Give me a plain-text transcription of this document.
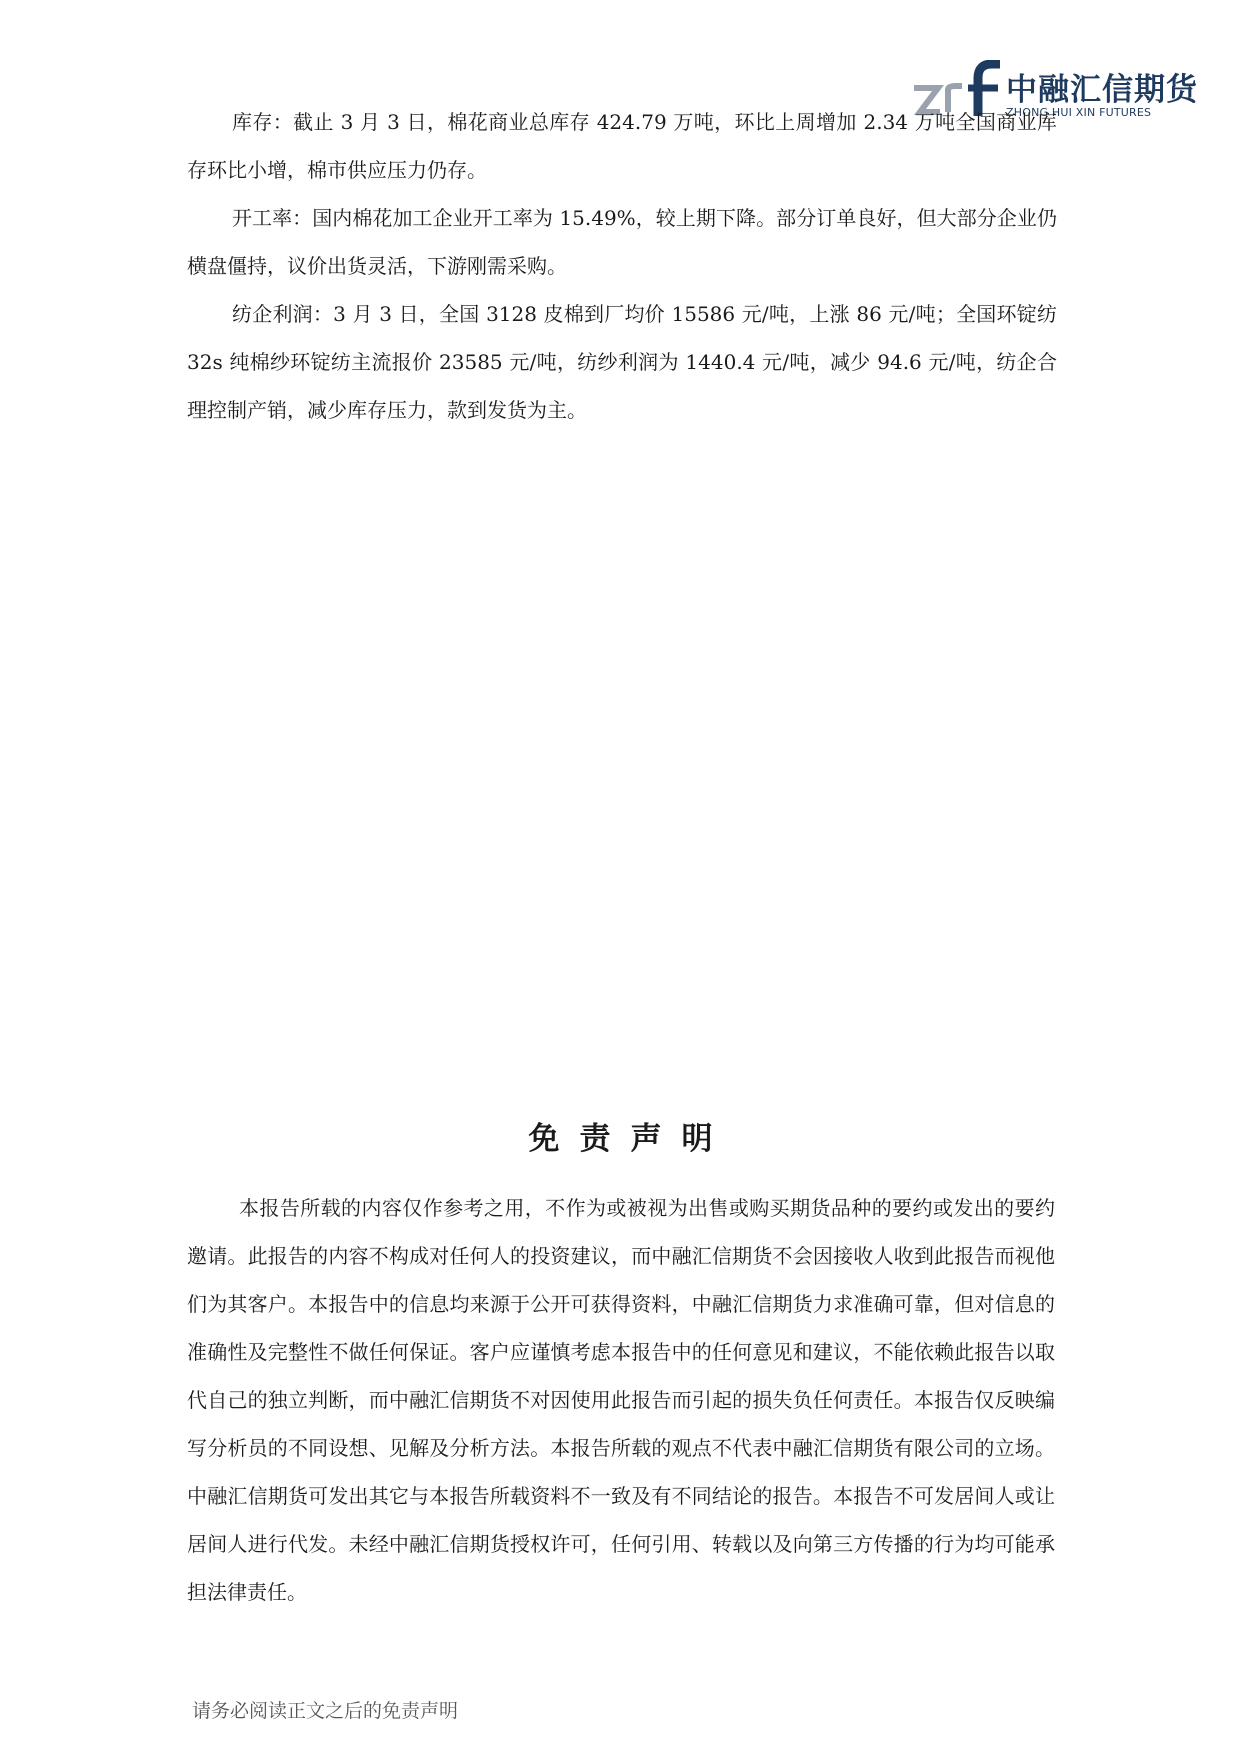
中融汇信期货
ZHONG HUI XIN FUTURES

库存：截止 3 月 3 日，棉花商业总库存 424.79 万吨，环比上周增加 2.34 万吨全国商业库存环比小增，棉市供应压力仍存。

开工率：国内棉花加工企业开工率为 15.49%，较上期下降。部分订单良好，但大部分企业仍横盘僵持，议价出货灵活，下游刚需采购。

纺企利润：3 月 3 日，全国 3128 皮棉到厂均价 15586 元/吨，上涨 86 元/吨；全国环锭纺 32s 纯棉纱环锭纺主流报价 23585 元/吨，纺纱利润为 1440.4 元/吨，减少 94.6 元/吨，纺企合理控制产销，减少库存压力，款到发货为主。

免责声明

本报告所载的内容仅作参考之用，不作为或被视为出售或购买期货品种的要约或发出的要约邀请。此报告的内容不构成对任何人的投资建议，而中融汇信期货不会因接收人收到此报告而视他们为其客户。本报告中的信息均来源于公开可获得资料，中融汇信期货力求准确可靠，但对信息的准确性及完整性不做任何保证。客户应谨慎考虑本报告中的任何意见和建议，不能依赖此报告以取代自己的独立判断，而中融汇信期货不对因使用此报告而引起的损失负任何责任。本报告仅反映编写分析员的不同设想、见解及分析方法。本报告所载的观点不代表中融汇信期货有限公司的立场。中融汇信期货可发出其它与本报告所载资料不一致及有不同结论的报告。本报告不可发居间人或让居间人进行代发。未经中融汇信期货授权许可，任何引用、转载以及向第三方传播的行为均可能承担法律责任。

请务必阅读正文之后的免责声明
